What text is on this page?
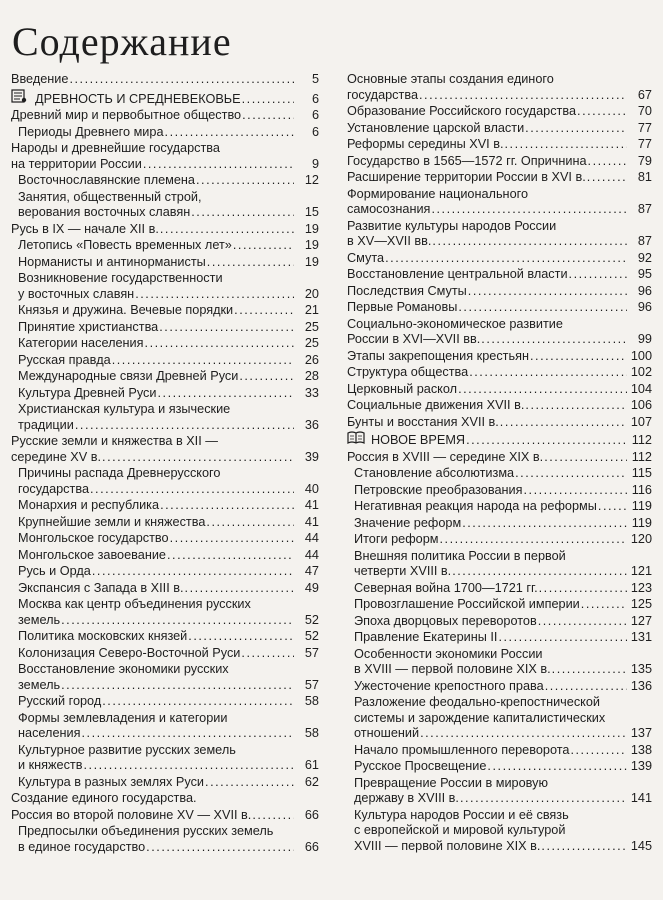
Содержание
Введение . . .	5
ДРЕВНОСТЬ И СРЕДНЕВЕКОВЬЕ . . .	6
Древний мир и первобытное общество . . .	6
Периоды Древнего мира . . .	6
Народы и древнейшие государства
на территории России . . .	9
Восточнославянские племена . . .	12
Занятия, общественный строй,
верования восточных славян . . .	15
Русь в IX — начале XII в. . . .	19
Летопись «Повесть временных лет» . . .	19
Норманисты и антинорманисты . . .	19
Возникновение государственности
у восточных славян . . .	20
Князья и дружина. Вечевые порядки . . .	21
Принятие христианства . . .	25
Категории населения . . .	25
Русская правда . . .	26
Международные связи Древней Руси . . .	28
Культура Древней Руси . . .	33
Христианская культура и языческие
традиции . . .	36
Русские земли и княжества в XII —
середине XV в. . . .	39
Причины распада Древнерусского
государства . . .	40
Монархия и республика . . .	41
Крупнейшие земли и княжества . . .	41
Монгольское государство . . .	44
Монгольское завоевание . . .	44
Русь и Орда . . .	47
Экспансия с Запада в XIII в. . . .	49
Москва как центр объединения русских
земель . . .	52
Политика московских князей . . .	52
Колонизация Северо-Восточной Руси . . .	57
Восстановление экономики русских
земель . . .	57
Русский город . . .	58
Формы землевладения и категории
населения . . .	58
Культурное развитие русских земель
и княжеств . . .	61
Культура в разных землях Руси . . .	62
Создание единого государства.
Россия во второй половине XV — XVII в. . . .	66
Предпосылки объединения русских земель
в единое государство . . .	66
Основные этапы создания единого
государства . . .	67
Образование Российского государства . . .	70
Установление царской власти . . .	77
Реформы середины XVI в. . . .	77
Государство в 1565—1572 гг. Опричнина . . .	79
Расширение территории России в XVI в. . . .	81
Формирование национального
самосознания . . .	87
Развитие культуры народов России
в XV—XVII вв. . . .	87
Смута . . .	92
Восстановление центральной власти . . .	95
Последствия Смуты . . .	96
Первые Романовы . . .	96
Социально-экономическое развитие
России в XVI—XVII вв. . . .	99
Этапы закрепощения крестьян . . .	100
Структура общества . . .	102
Церковный раскол . . .	104
Социальные движения XVII в. . . .	106
Бунты и восстания XVII в. . . .	107
НОВОЕ ВРЕМЯ . . .	112
Россия в XVIII — середине XIX в. . . .	112
Становление абсолютизма . . .	115
Петровские преобразования . . .	116
Негативная реакция народа на реформы . . .	119
Значение реформ . . .	119
Итоги реформ . . .	120
Внешняя политика России в первой
четверти XVIII в. . . .	121
Северная война 1700—1721 гг. . . .	123
Провозглашение Российской империи . . .	125
Эпоха дворцовых переворотов . . .	127
Правление Екатерины II . . .	131
Особенности экономики России
в XVIII — первой половине XIX в. . . .	135
Ужесточение крепостного права . . .	136
Разложение феодально-крепостнической
системы и зарождение капиталистических
отношений . . .	137
Начало промышленного переворота . . .	138
Русское Просвещение . . .	139
Превращение России в мировую
державу в XVIII в. . . .	141
Культура народов России и её связь
с европейской и мировой культурой
XVIII — первой половине XIX в. . . .	145
